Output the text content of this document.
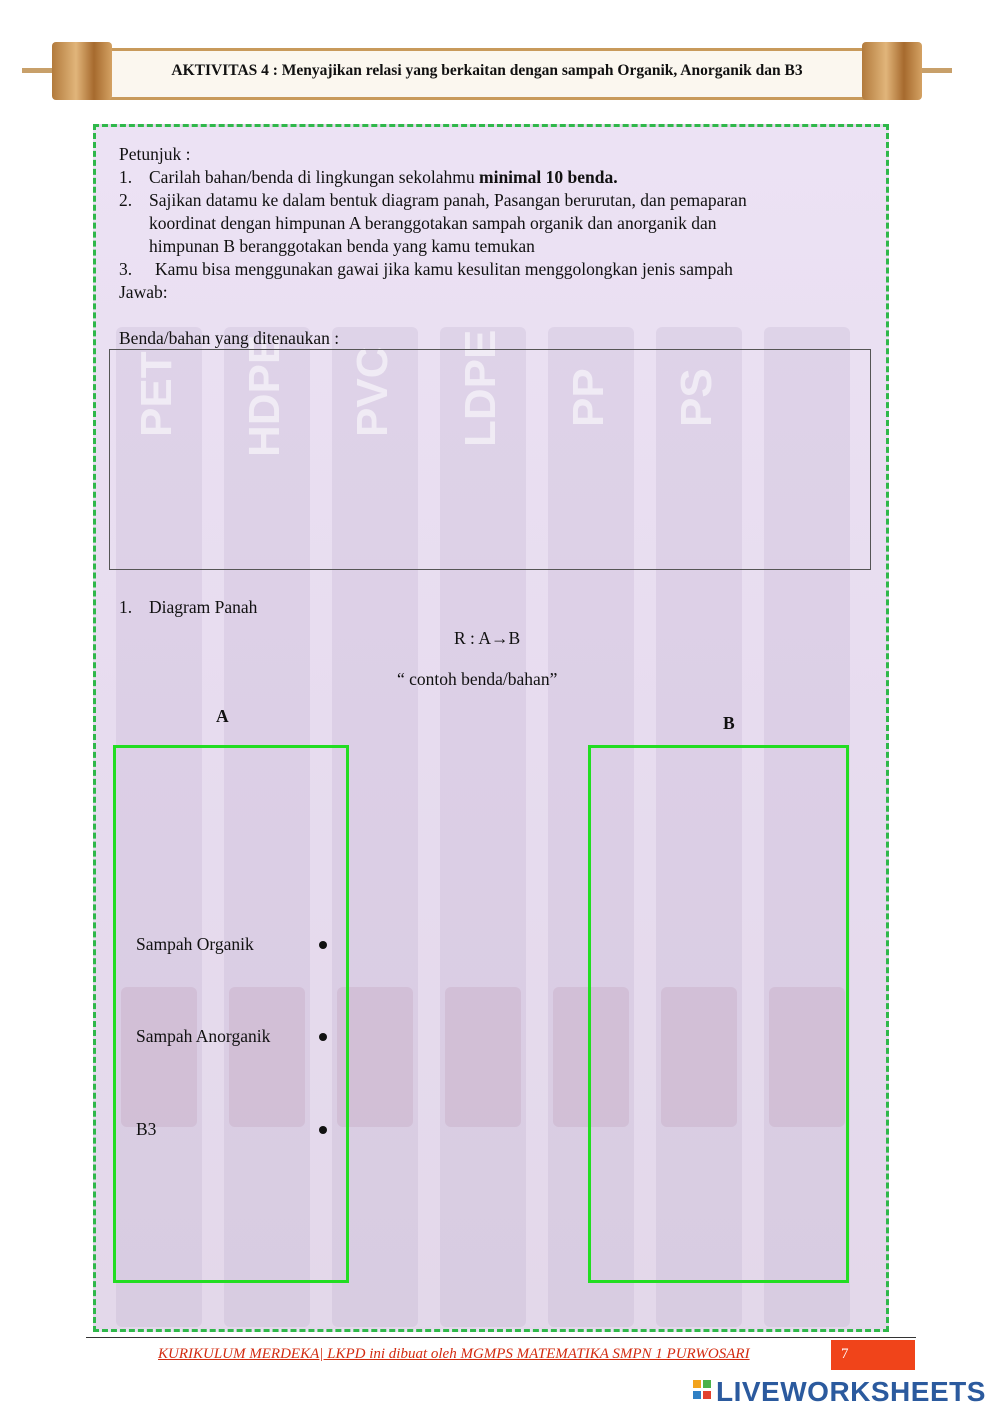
AKTIVITAS 4 : Menyajikan relasi yang berkaitan dengan sampah Organik, Anorganik dan B3
PET HDPE PVC LDPE PP PS
Petunjuk :
1. Carilah bahan/benda di lingkungan sekolahmu minimal 10 benda.
2. Sajikan datamu ke dalam bentuk diagram panah, Pasangan berurutan, dan pemaparan
koordinat dengan himpunan A beranggotakan sampah organik dan anorganik dan
himpunan B beranggotakan benda yang kamu temukan
3. Kamu bisa menggunakan gawai jika kamu kesulitan menggolongkan jenis sampah
Jawab:
Benda/bahan yang ditenaukan :
1. Diagram Panah
R : A→B
“ contoh benda/bahan”
A	B
Sampah Organik
Sampah Anorganik
B3
KURIKULUM MERDEKA| LKPD ini dibuat oleh MGMPS MATEMATIKA SMPN 1 PURWOSARI	7
LIVEWORKSHEETS
